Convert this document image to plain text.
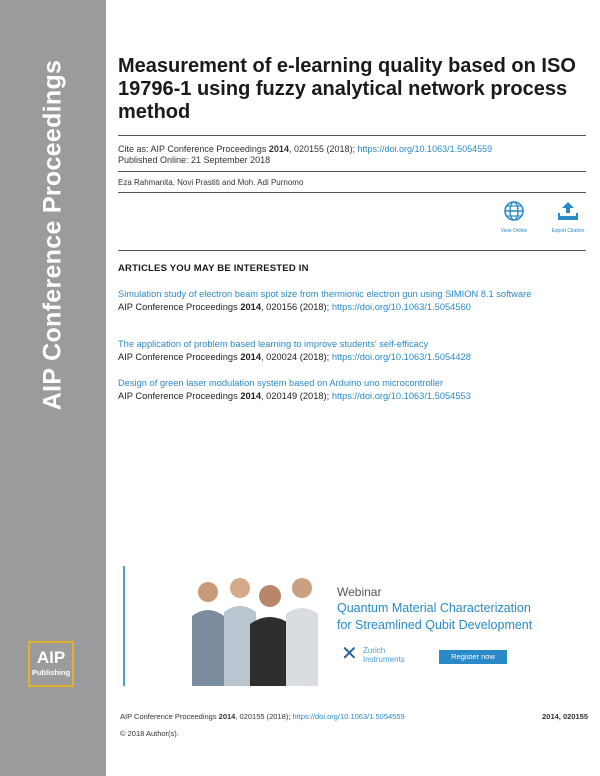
AIP Conference Proceedings
AIP
Publishing
Measurement of e-learning quality based on ISO 19796-1 using fuzzy analytical network process method
Cite as: AIP Conference Proceedings 2014, 020155 (2018); https://doi.org/10.1063/1.5054559
Published Online: 21 September 2018
Eza Rahmanita, Novi Prastiti and Moh. Adi Purnomo
View Online	Export Citation
ARTICLES YOU MAY BE INTERESTED IN
Simulation study of electron beam spot size from thermionic electron gun using SIMION 8.1 software
AIP Conference Proceedings 2014, 020156 (2018); https://doi.org/10.1063/1.5054560
The application of problem based learning to improve students' self-efficacy
AIP Conference Proceedings 2014, 020024 (2018); https://doi.org/10.1063/1.5054428
Design of green laser modulation system based on Arduino uno microcontroller
AIP Conference Proceedings 2014, 020149 (2018); https://doi.org/10.1063/1.5054553
Webinar
Quantum Material Characterization
for Streamlined Qubit Development
✕ Zurich
Instruments	Register now
AIP Conference Proceedings 2014, 020155 (2018); https://doi.org/10.1063/1.5054559	2014, 020155
© 2018 Author(s).
